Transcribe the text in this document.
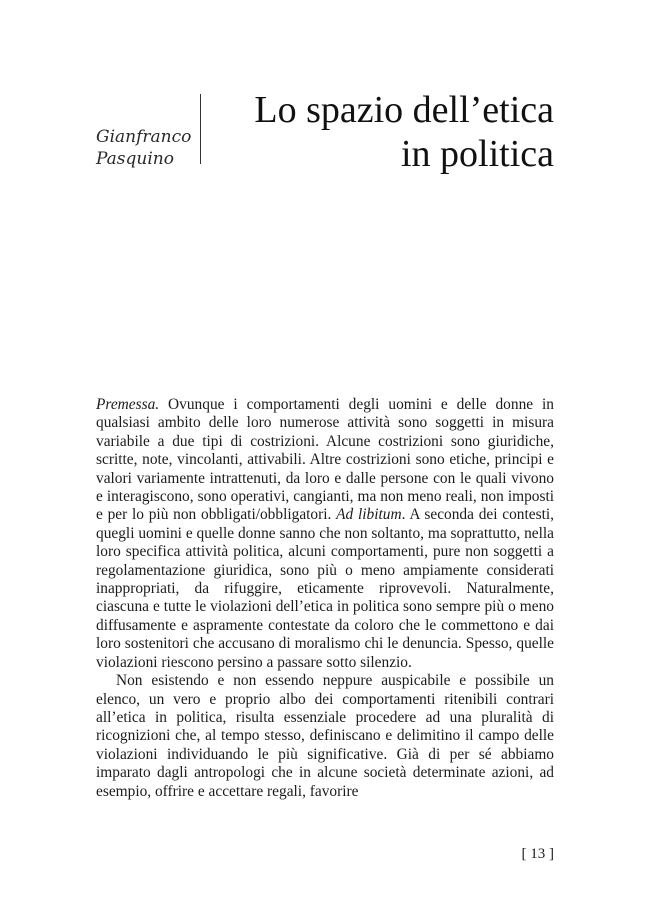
Gianfranco
Pasquino
Lo spazio dell’etica
in politica

Premessa. Ovunque i comportamenti degli uomini e delle donne in qualsiasi ambito delle loro numerose attività sono soggetti in misura variabile a due tipi di costrizioni. Alcune costrizioni sono giuridiche, scritte, note, vincolanti, attivabili. Altre costrizioni sono etiche, principi e valori variamente intrattenuti, da loro e dalle persone con le quali vivono e interagiscono, sono operativi, cangianti, ma non meno reali, non imposti e per lo più non obbligati/obbligatori. Ad libitum. A seconda dei contesti, quegli uomini e quelle donne sanno che non soltanto, ma soprattutto, nella loro specifica attività politica, alcuni comportamenti, pure non soggetti a regolamentazione giuridica, sono più o meno ampiamente considerati inappropriati, da rifuggire, eticamente riprovevoli. Naturalmente, ciascuna e tutte le violazioni dell’etica in politica sono sempre più o meno diffusamente e aspramente contestate da coloro che le commettono e dai loro sostenitori che accusano di moralismo chi le denuncia. Spesso, quelle violazioni riescono persino a passare sotto silenzio.

Non esistendo e non essendo neppure auspicabile e possibile un elenco, un vero e proprio albo dei comportamenti ritenibili contrari all’etica in politica, risulta essenziale procedere ad una pluralità di ricognizioni che, al tempo stesso, definiscano e delimitino il campo delle violazioni individuando le più significative. Già di per sé abbiamo imparato dagli antropologi che in alcune società determinate azioni, ad esempio, offrire e accettare regali, favorire

[ 13 ]
